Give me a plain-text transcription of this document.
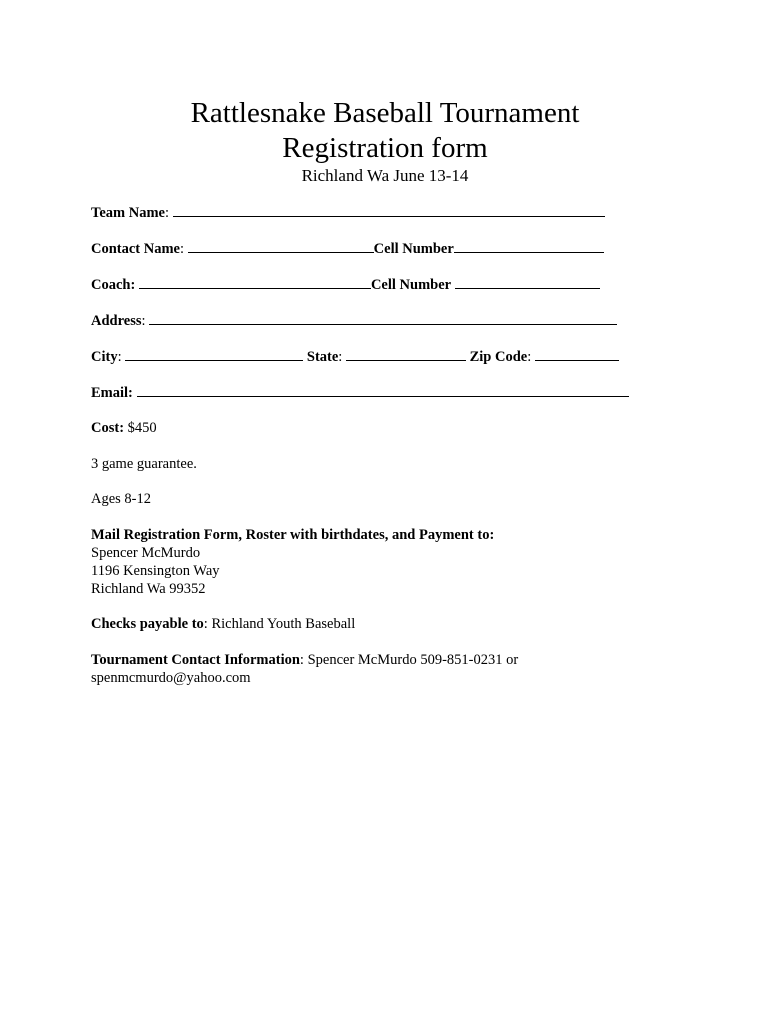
Rattlesnake Baseball Tournament
Registration form
Richland Wa June 13-14
Team Name:
Contact Name:	Cell Number
Coach:	Cell Number
Address:
City:	State:	Zip Code:
Email:
Cost: $450
3 game guarantee.
Ages 8-12
Mail Registration Form, Roster with birthdates, and Payment to:
Spencer McMurdo
1196 Kensington Way
Richland Wa 99352
Checks payable to: Richland Youth Baseball
Tournament Contact Information: Spencer McMurdo 509-851-0231 or
spenmcmurdo@yahoo.com
